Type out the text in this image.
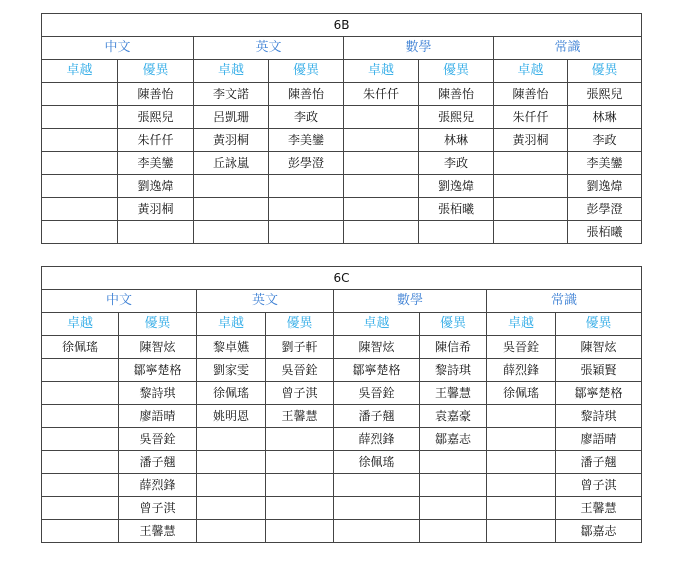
6B							
中文		英文		數學		常識	
卓越	優異	卓越	優異	卓越	優異	卓越	優異
	陳善怡	李文諾	陳善怡	朱仟仟	陳善怡	陳善怡	張熙兒
	張熙兒	呂凱珊	李政		張熙兒	朱仟仟	林琳
	朱仟仟	黃羽桐	李美鑾		林琳	黃羽桐	李政
	李美鑾	丘詠嵐	彭學澄		李政		李美鑾
	劉逸煒				劉逸煒		劉逸煒
	黃羽桐				張栢曦		彭學澄
							張栢曦
6C							
中文		英文		數學		常識	
卓越	優異	卓越	優異	卓越	優異	卓越	優異
徐佩瑤	陳智炫	黎卓嬿	劉子軒	陳智炫	陳信希	吳晉銓	陳智炫
	鄒寧楚格	劉家雯	吳晉銓	鄒寧楚格	黎詩琪	薛烈鋒	張穎賢
	黎詩琪	徐佩瑤	曾子淇	吳晉銓	王馨慧	徐佩瑤	鄒寧楚格
	廖語晴	姚明恩	王馨慧	潘子翹	袁嘉豪		黎詩琪
	吳晉銓			薛烈鋒	鄒嘉志		廖語晴
	潘子翹			徐佩瑤			潘子翹
	薛烈鋒						曾子淇
	曾子淇						王馨慧
	王馨慧						鄒嘉志
